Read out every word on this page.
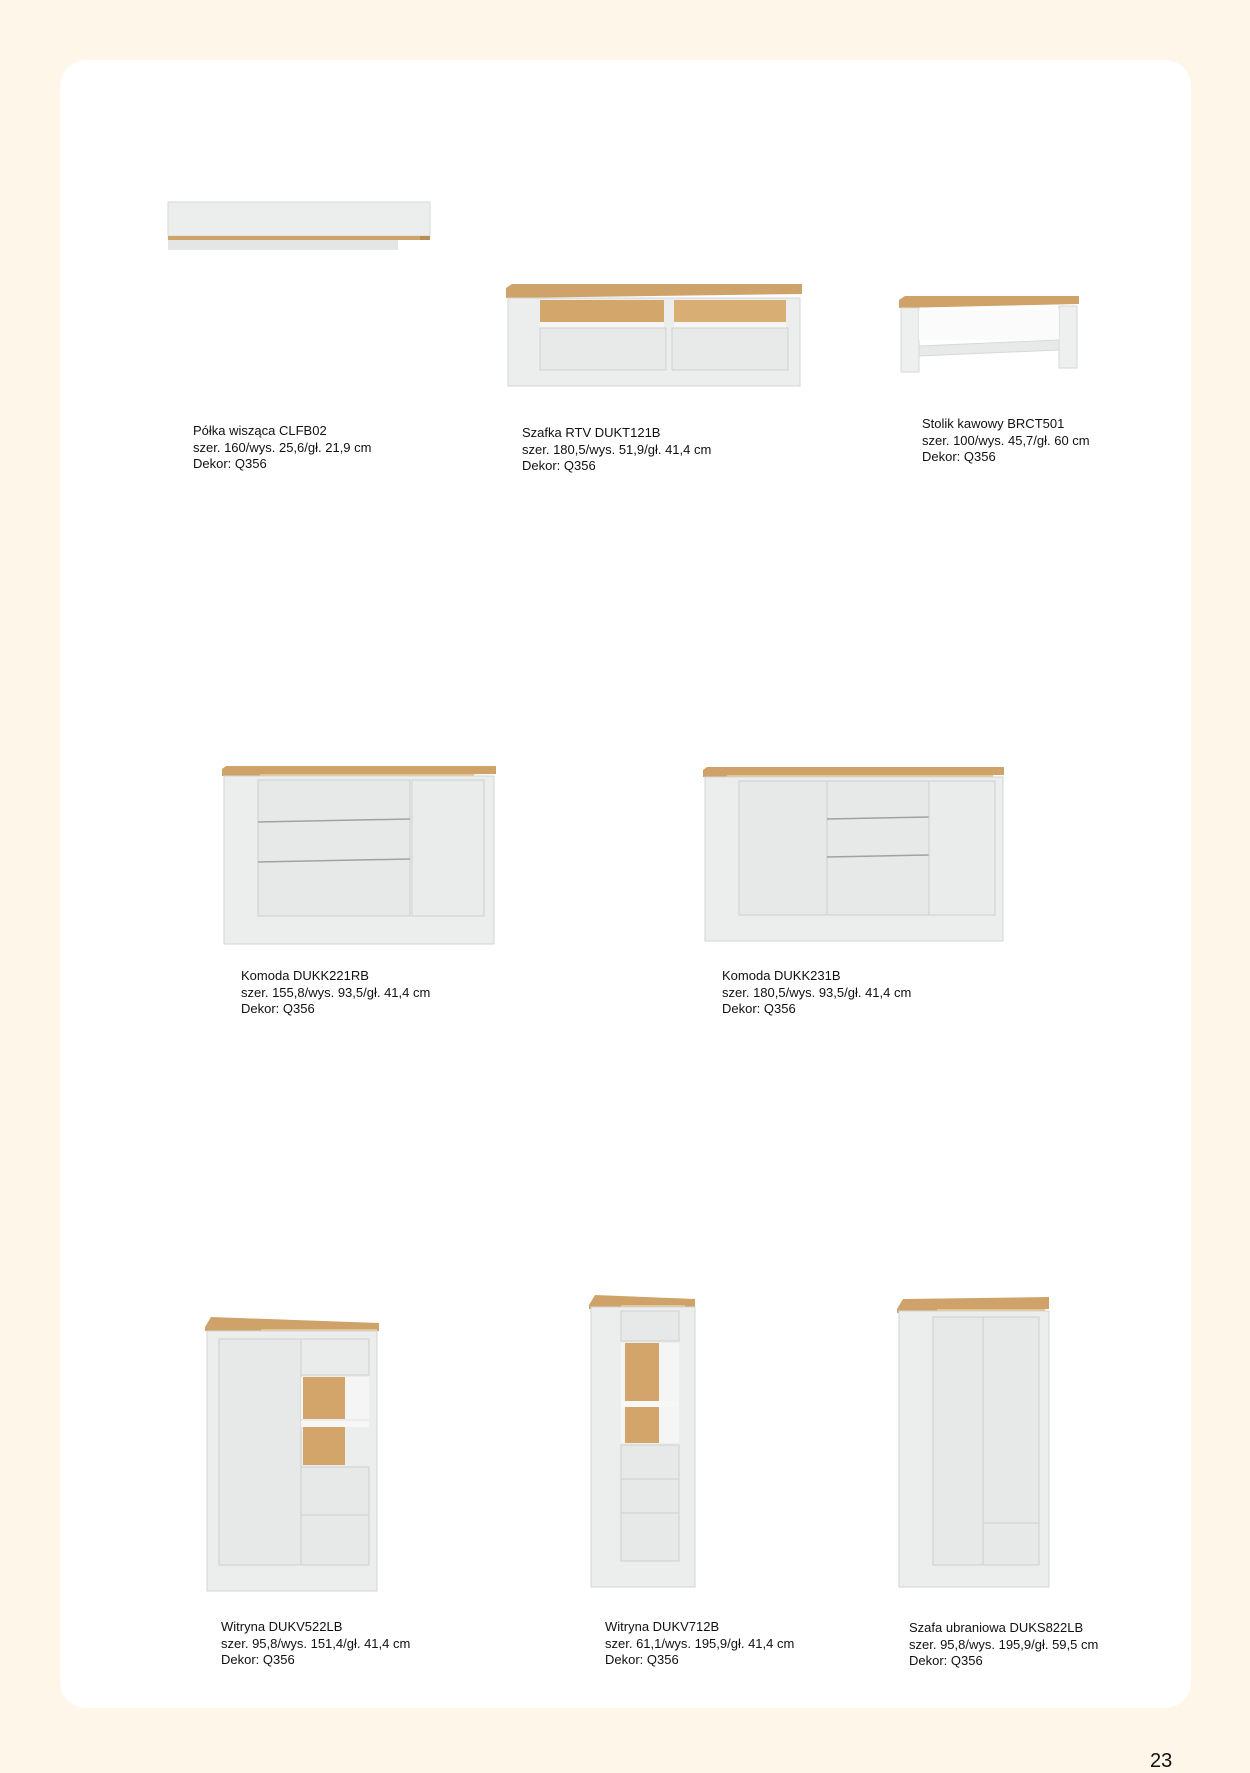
Półka wisząca CLFB02
szer. 160/wys. 25,6/gł. 21,9 cm
Dekor: Q356
Szafka RTV DUKT121B
szer. 180,5/wys. 51,9/gł. 41,4 cm
Dekor: Q356
Stolik kawowy BRCT501
szer. 100/wys. 45,7/gł. 60 cm
Dekor: Q356
Komoda DUKK221RB
szer. 155,8/wys. 93,5/gł. 41,4 cm
Dekor: Q356
Komoda DUKK231B
szer. 180,5/wys. 93,5/gł. 41,4 cm
Dekor: Q356
Witryna DUKV522LB
szer. 95,8/wys. 151,4/gł. 41,4 cm
Dekor: Q356
Witryna DUKV712B
szer. 61,1/wys. 195,9/gł. 41,4 cm
Dekor: Q356
Szafa ubraniowa DUKS822LB
szer. 95,8/wys. 195,9/gł. 59,5 cm
Dekor: Q356
23
